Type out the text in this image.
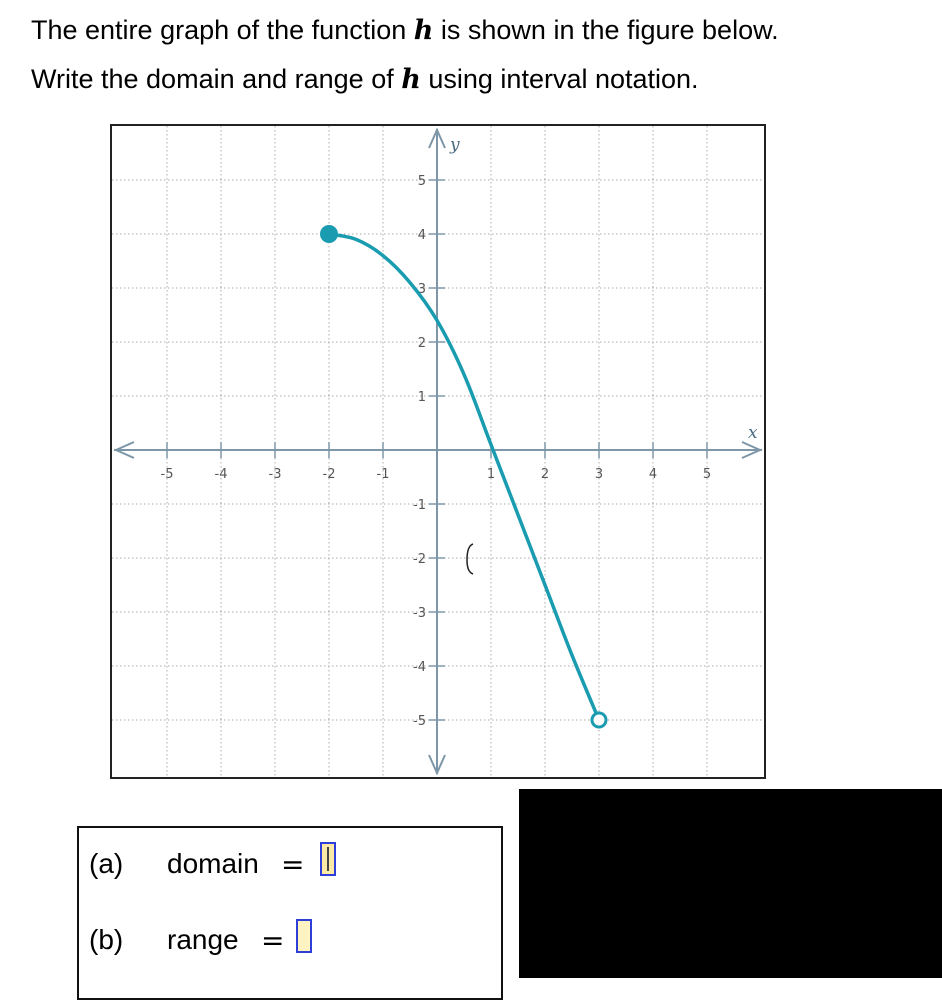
The entire graph of the function h is shown in the figure below.
Write the domain and range of h using interval notation.
-5	-4	-3	-2	-1	1	2	3	4	5
5
4
3
2
1
-1
-2
-3
-4
-5
x
y
(a) domain =
(b) range =
